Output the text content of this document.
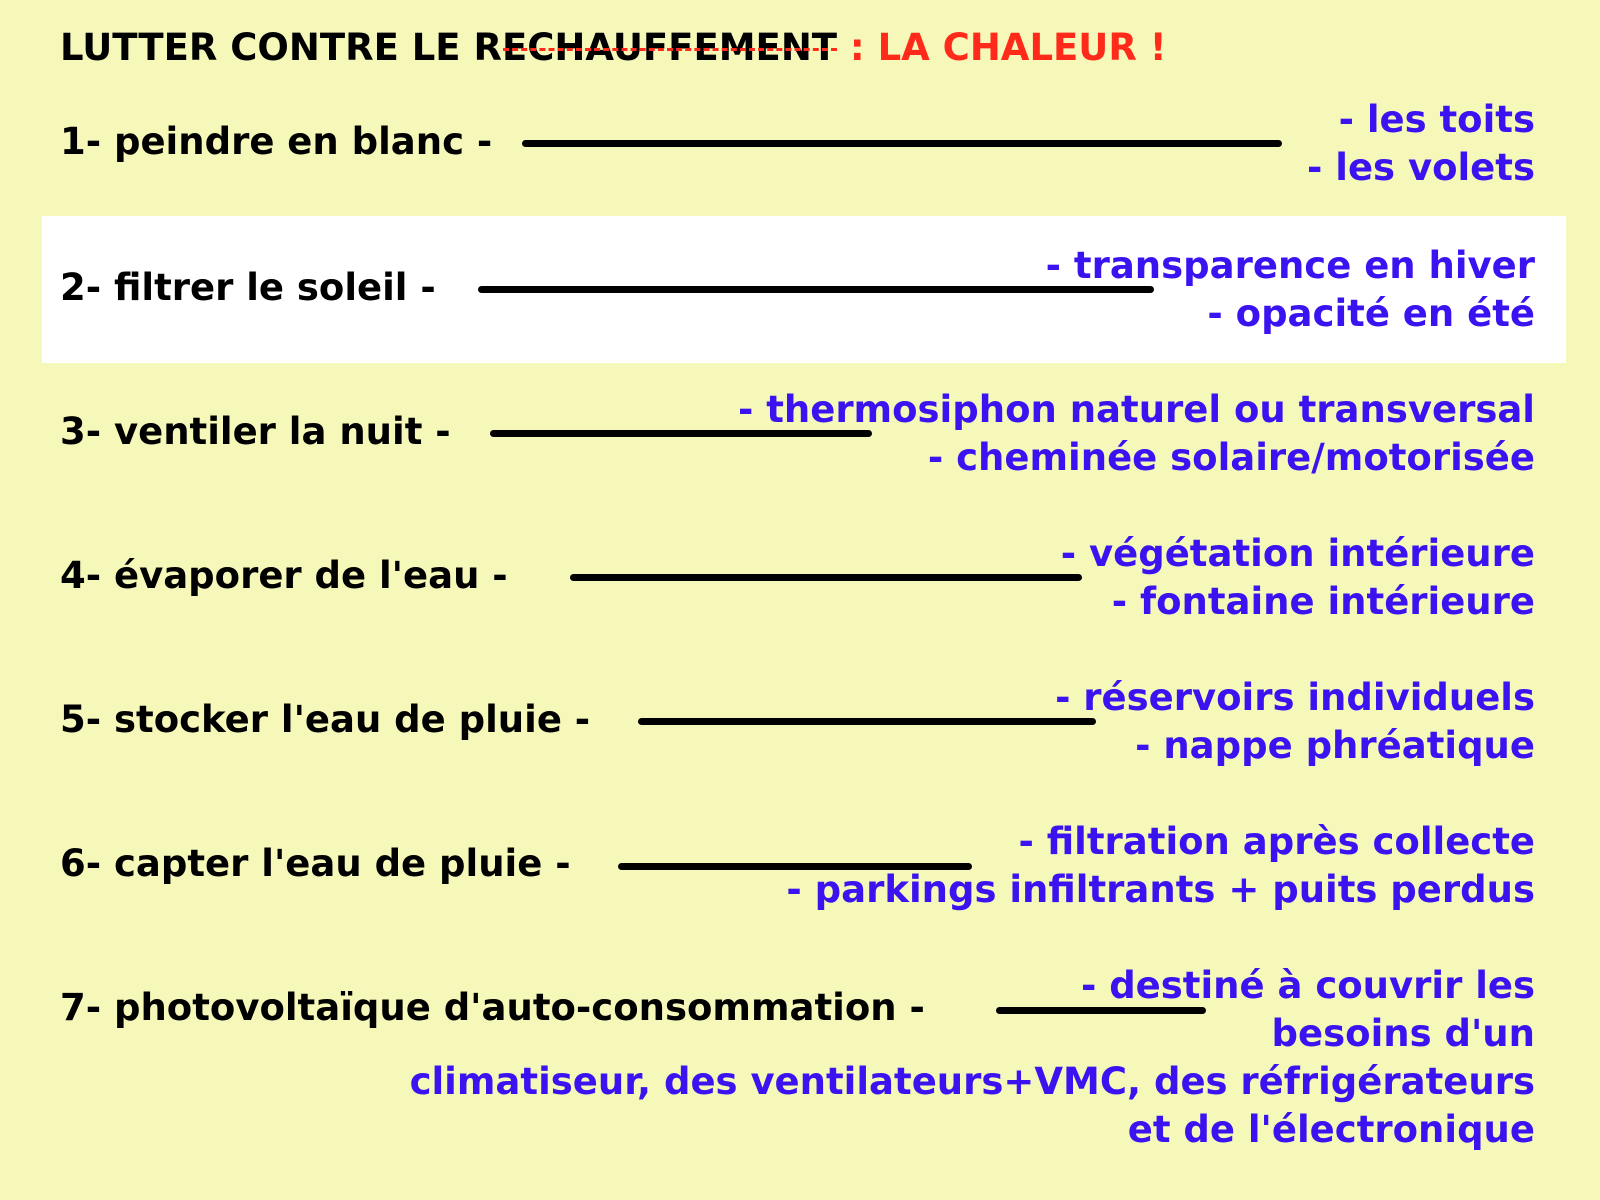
LUTTER CONTRE LE RECHAUFFEMENT : LA CHALEUR !
1- peindre en blanc -
- les toits
- les volets
2- filtrer le soleil -
- transparence en hiver
- opacité en été
3- ventiler la nuit -
- thermosiphon naturel ou transversal
- cheminée solaire/motorisée
4- évaporer de l'eau -
- végétation intérieure
- fontaine intérieure
5- stocker l'eau de pluie -
- réservoirs individuels
- nappe phréatique
6- capter l'eau de pluie -
- filtration après collecte
- parkings infiltrants + puits perdus
7- photovoltaïque d'auto-consommation -
- destiné à couvrir les
besoins d'un
climatiseur, des ventilateurs+VMC, des réfrigérateurs
et de l'électronique
